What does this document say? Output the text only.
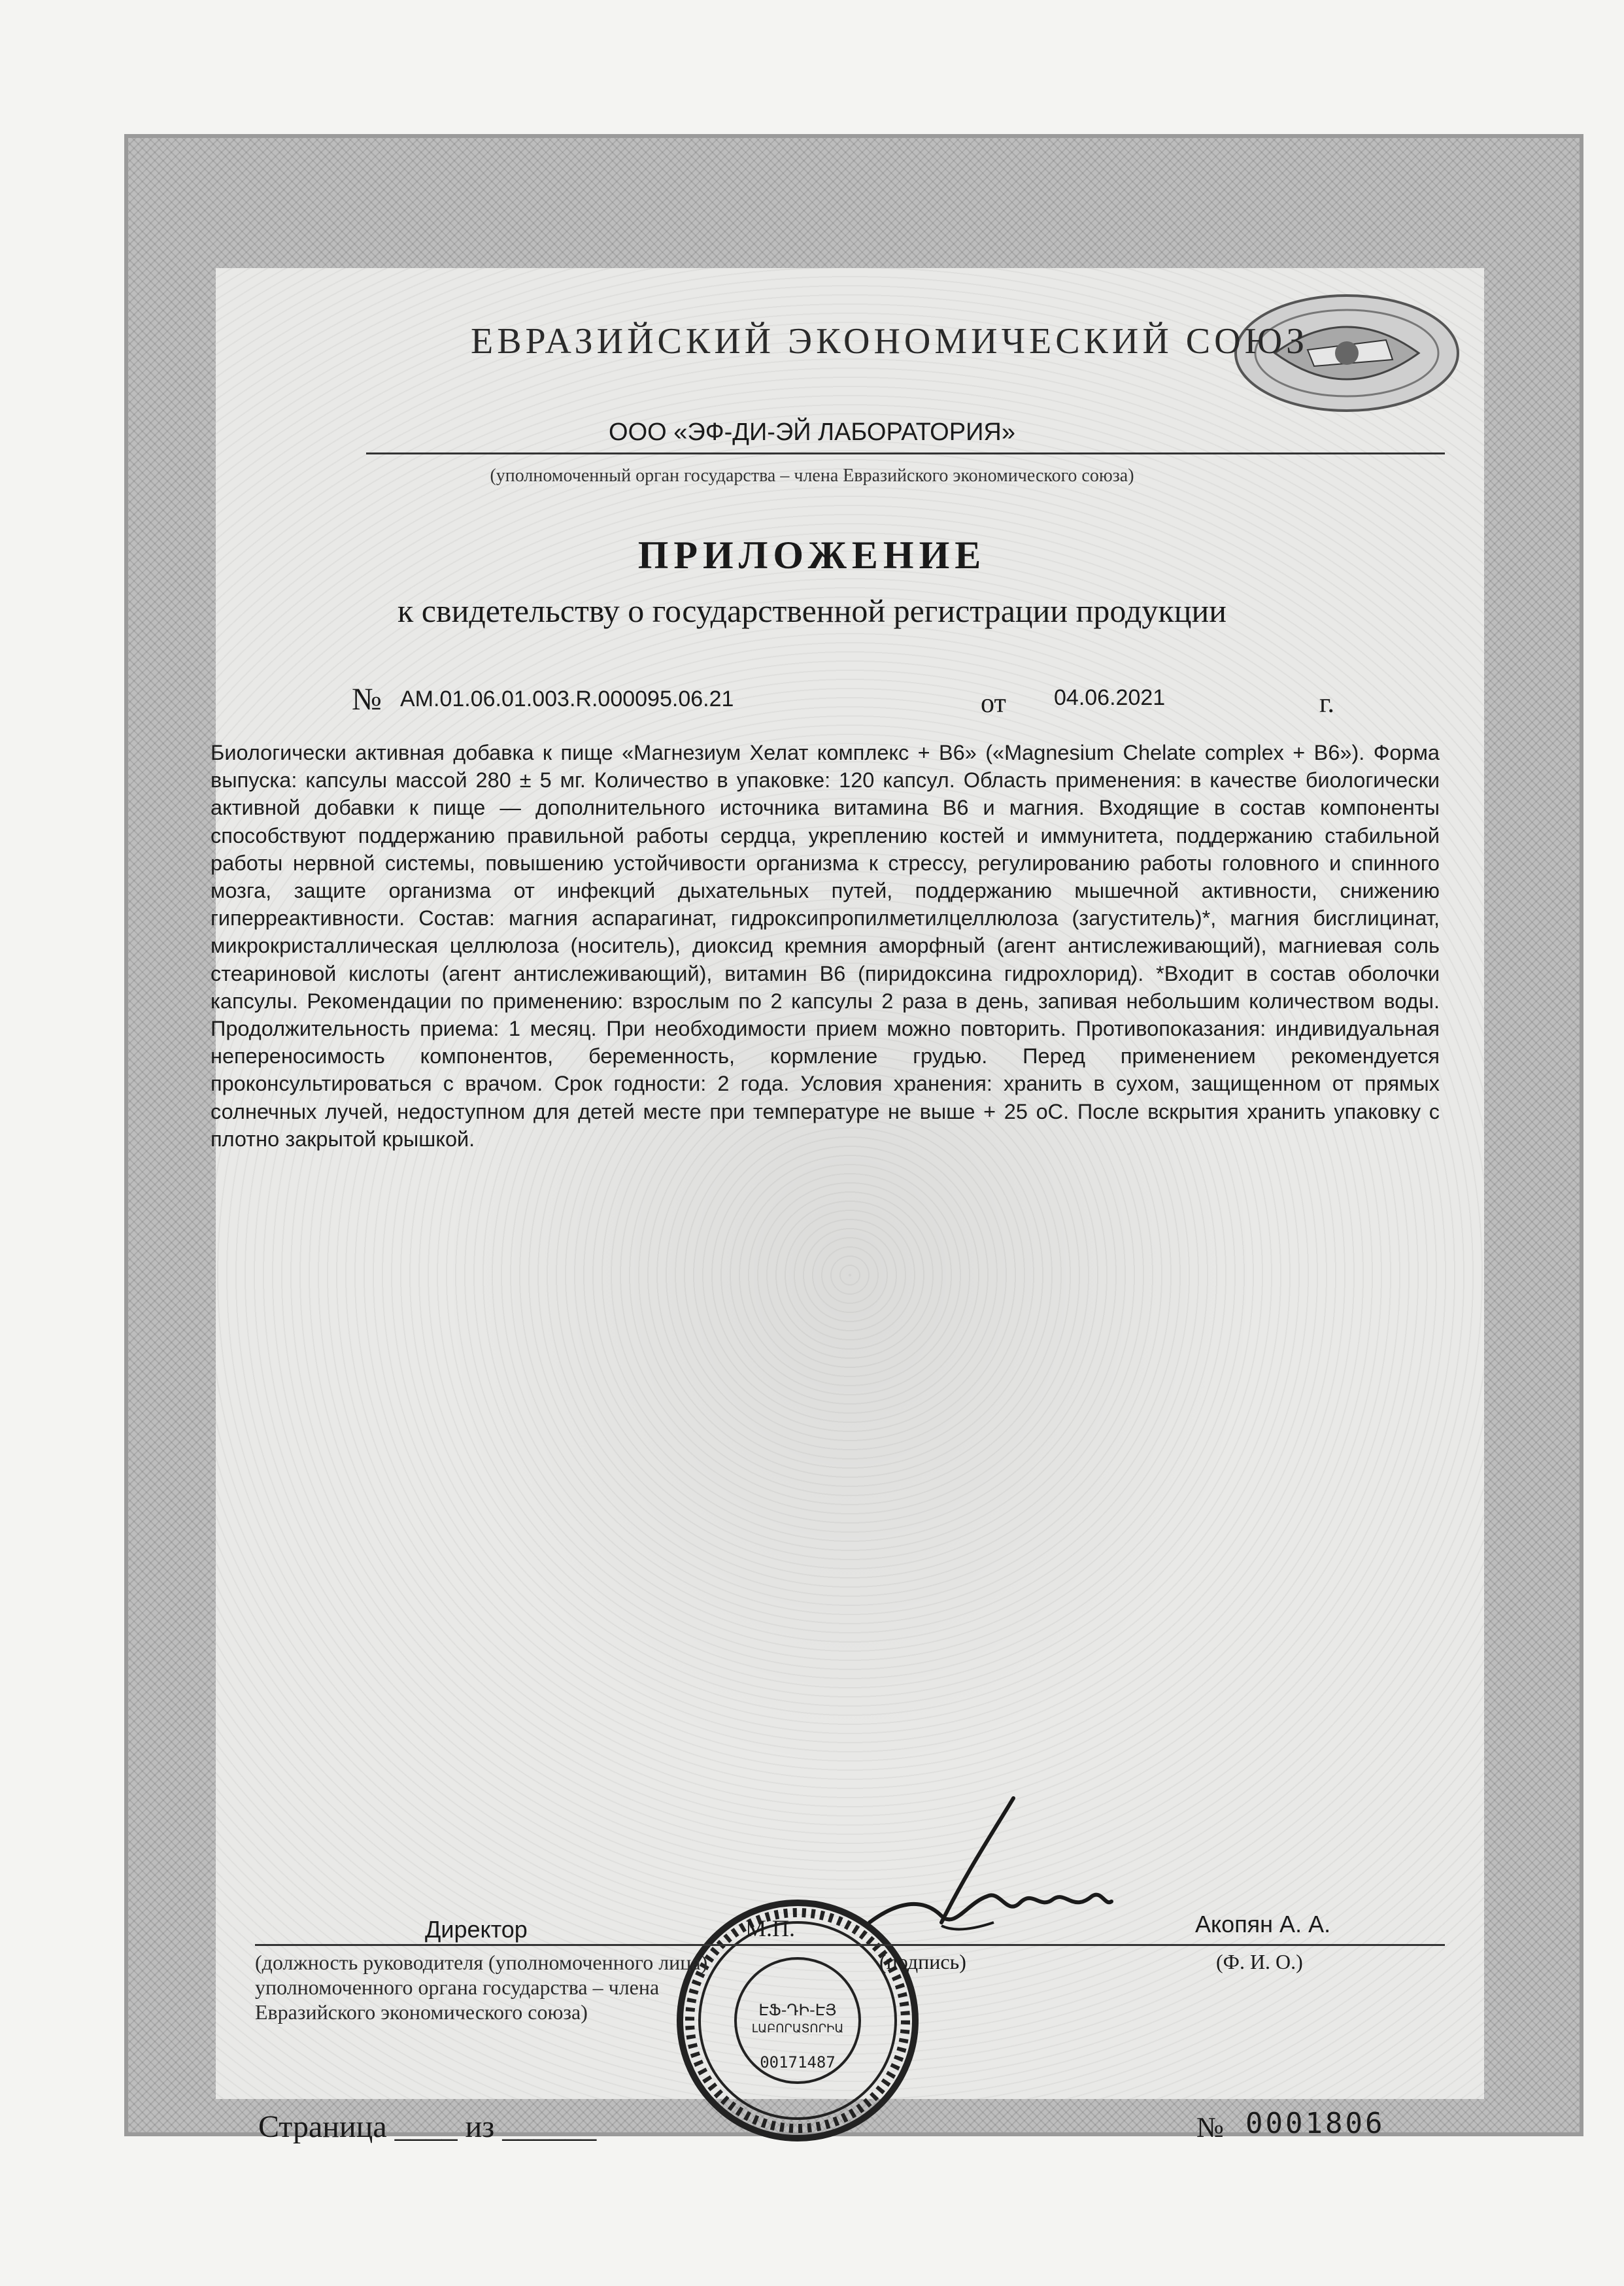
ЕВРАЗИЙСКИЙ ЭКОНОМИЧЕСКИЙ СОЮЗ
ООО «ЭФ-ДИ-ЭЙ ЛАБОРАТОРИЯ»
(уполномоченный орган государства – члена Евразийского экономического союза)
ПРИЛОЖЕНИЕ
к свидетельству о государственной регистрации продукции
№ AM.01.06.01.003.R.000095.06.21	от 04.06.2021	г.
Биологически активная добавка к пище «Магнезиум Хелат комплекс + B6» («Magnesium Chelate complex + B6»). Форма выпуска: капсулы массой 280 ± 5 мг. Количество в упаковке: 120 капсул. Область применения: в качестве биологически активной добавки к пище — дополнительного источника витамина B6 и магния. Входящие в состав компоненты способствуют поддержанию правильной работы сердца, укреплению костей и иммунитета, поддержанию стабильной работы нервной системы, повышению устойчивости организма к стрессу, регулированию работы головного и спинного мозга, защите организма от инфекций дыхательных путей, поддержанию мышечной активности, снижению гиперреактивности. Состав: магния аспарагинат, гидроксипропилметилцеллюлоза (загуститель)*, магния бисглицинат, микрокристаллическая целлюлоза (носитель), диоксид кремния аморфный (агент антислеживающий), магниевая соль стеариновой кислоты (агент антислеживающий), витамин B6 (пиридоксина гидрохлорид). *Входит в состав оболочки капсулы. Рекомендации по применению: взрослым по 2 капсулы 2 раза в день, запивая небольшим количеством воды. Продолжительность приема: 1 месяц. При необходимости прием можно повторить. Противопоказания: индивидуальная непереносимость компонентов, беременность, кормление грудью. Перед применением рекомендуется проконсультироваться с врачом. Срок годности: 2 года. Условия хранения: хранить в сухом, защищенном от прямых солнечных лучей, недоступном для детей месте при температуре не выше + 25 оС. После вскрытия хранить упаковку с плотно закрытой крышкой.
ԷՖ-ԴԻ-ԷՅ
ԼԱԲՈՐԱՏՈՐԻԱ
00171487
Директор	М.П.	Акопян А. А.
(должность руководителя (уполномоченного лица) уполномоченного органа государства – члена Евразийского экономического союза)
(подпись)	(Ф. И. О.)
Страница ____ из ______	№ 0001806
